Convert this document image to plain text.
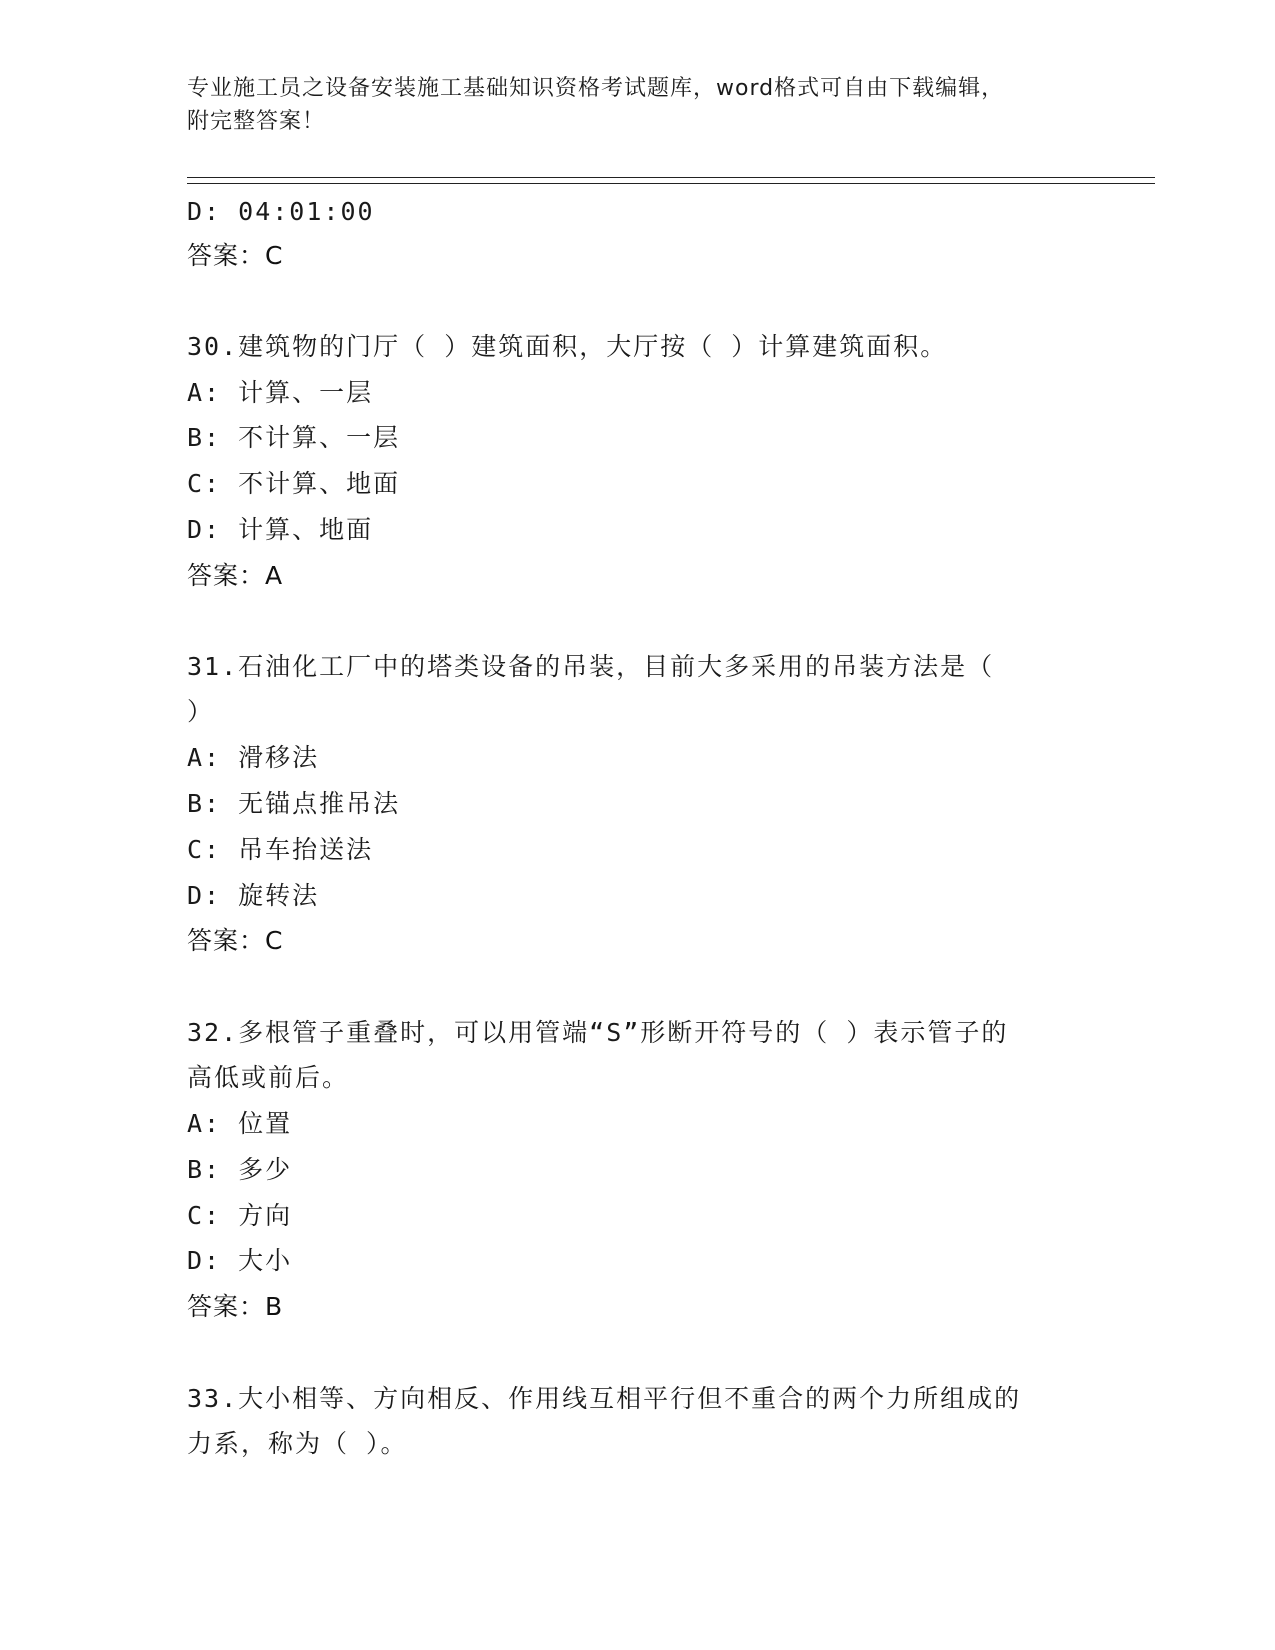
专业施工员之设备安装施工基础知识资格考试题库，word格式可自由下载编辑，
附完整答案！
D: 04:01:00
答案：C
30.建筑物的门厅（ ）建筑面积，大厅按（ ）计算建筑面积。
A: 计算、一层
B: 不计算、一层
C: 不计算、地面
D: 计算、地面
答案：A
31.石油化工厂中的塔类设备的吊装，目前大多采用的吊装方法是（
）
A: 滑移法
B: 无锚点推吊法
C: 吊车抬送法
D: 旋转法
答案：C
32.多根管子重叠时，可以用管端“S”形断开符号的（ ）表示管子的
高低或前后。
A: 位置
B: 多少
C: 方向
D: 大小
答案：B
33.大小相等、方向相反、作用线互相平行但不重合的两个力所组成的
力系，称为（ ）。
